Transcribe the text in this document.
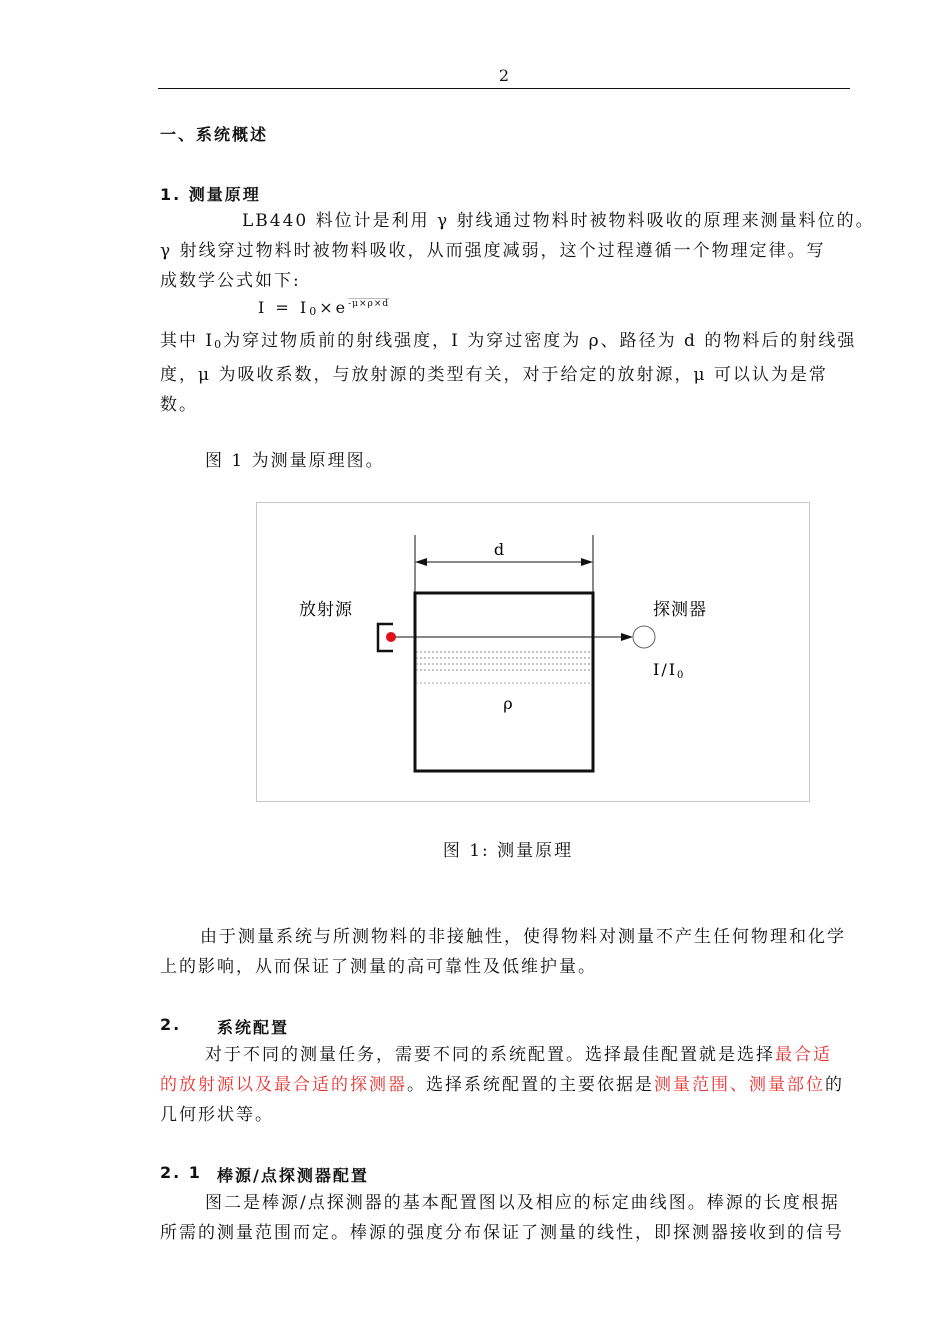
2
一、系统概述
1. 测量原理
LB440 料位计是利用 γ 射线通过物料时被物料吸收的原理来测量料位的。
γ 射线穿过物料时被物料吸收，从而强度减弱，这个过程遵循一个物理定律。写
成数学公式如下:
$I = I0\times e^{-\mu\times\rho\times d}$
其中 I0为穿过物质前的射线强度，I 为穿过密度为 ρ、路径为 d 的物料后的射线强
度，μ 为吸收系数，与放射源的类型有关，对于给定的放射源，μ 可以认为是常
数。
图 1 为测量原理图。
d
ρ
放射源	探测器
I/I0
图 1: 测量原理
由于测量系统与所测物料的非接触性，使得物料对测量不产生任何物理和化学
上的影响，从而保证了测量的高可靠性及低维护量。
2. 系统配置
对于不同的测量任务，需要不同的系统配置。选择最佳配置就是选择最合适
的放射源以及最合适的探测器。选择系统配置的主要依据是测量范围、测量部位的
几何形状等。
2. 1 棒源/点探测器配置
图二是棒源/点探测器的基本配置图以及相应的标定曲线图。棒源的长度根据
所需的测量范围而定。棒源的强度分布保证了测量的线性，即探测器接收到的信号
